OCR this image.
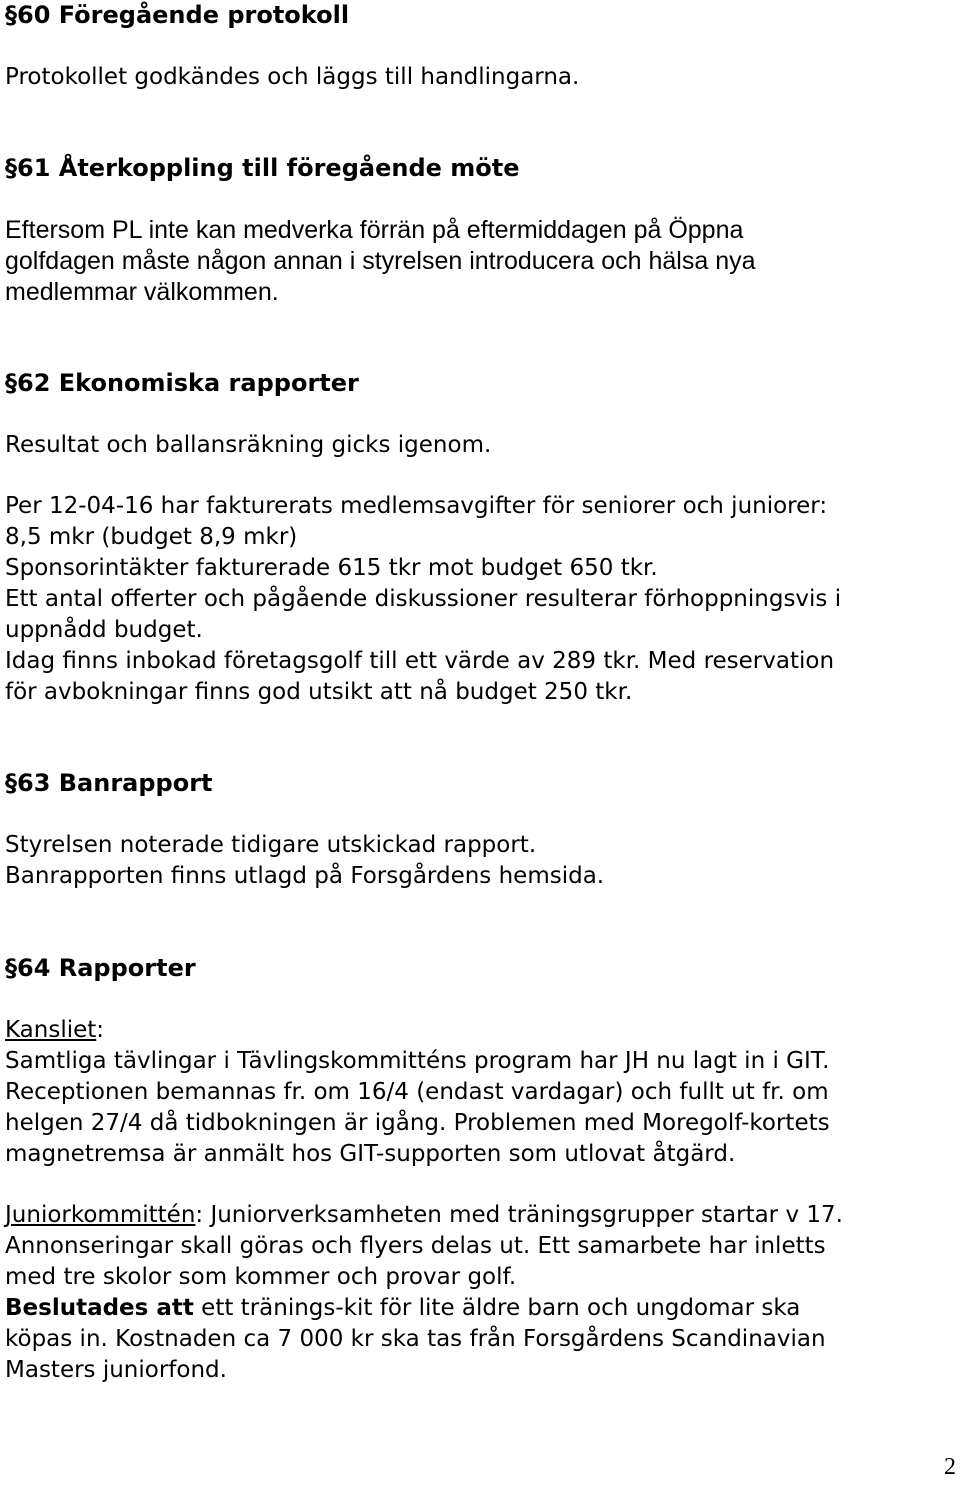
§60 Föregående protokoll
Protokollet godkändes och läggs till handlingarna.
§61 Återkoppling till föregående möte
Eftersom PL inte kan medverka förrän på eftermiddagen på Öppna
golfdagen måste någon annan i styrelsen introducera och hälsa nya
medlemmar välkommen.
§62 Ekonomiska rapporter
Resultat och ballansräkning gicks igenom.
Per 12-04-16 har fakturerats medlemsavgifter för seniorer och juniorer:
8,5 mkr (budget 8,9 mkr)
Sponsorintäkter fakturerade 615 tkr mot budget 650 tkr.
Ett antal offerter och pågående diskussioner resulterar förhoppningsvis i
uppnådd budget.
Idag finns inbokad företagsgolf till ett värde av 289 tkr. Med reservation
för avbokningar finns god utsikt att nå budget 250 tkr.
§63 Banrapport
Styrelsen noterade tidigare utskickad rapport.
Banrapporten finns utlagd på Forsgårdens hemsida.
§64 Rapporter
Kansliet:
Samtliga tävlingar i Tävlingskommitténs program har JH nu lagt in i GIT.
Receptionen bemannas fr. om 16/4 (endast vardagar) och fullt ut fr. om
helgen 27/4 då tidbokningen är igång. Problemen med Moregolf-kortets
magnetremsa är anmält hos GIT-supporten som utlovat åtgärd.
Juniorkommittén: Juniorverksamheten med träningsgrupper startar v 17.
Annonseringar skall göras och flyers delas ut. Ett samarbete har inletts
med tre skolor som kommer och provar golf.
Beslutades att ett tränings-kit för lite äldre barn och ungdomar ska
köpas in. Kostnaden ca 7 000 kr ska tas från Forsgårdens Scandinavian
Masters juniorfond.
2
